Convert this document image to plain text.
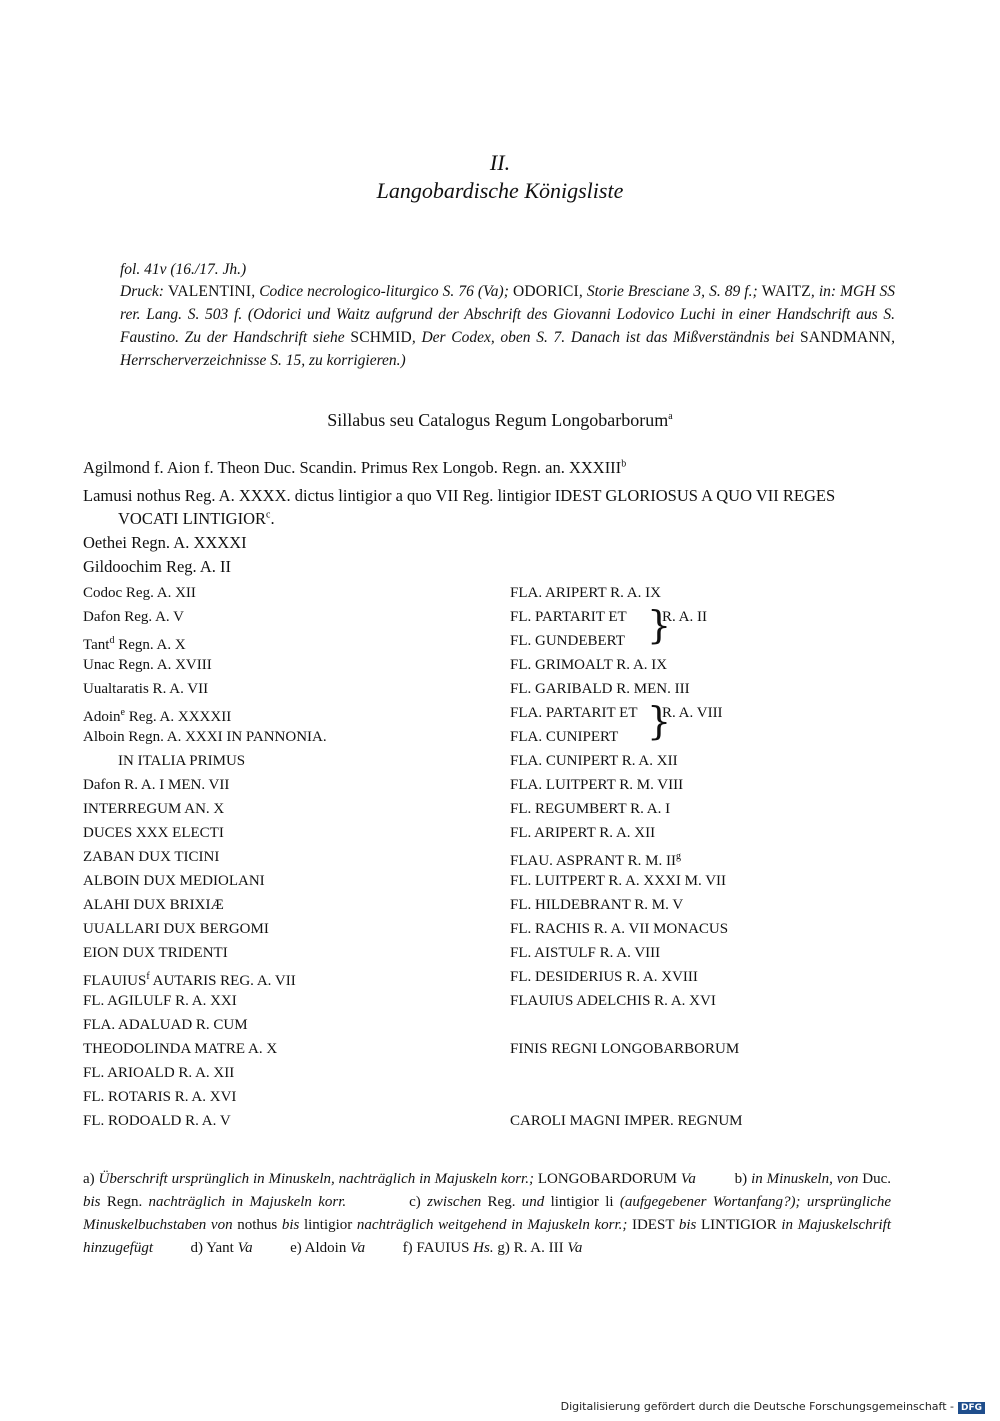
II.
Langobardische Königsliste
fol. 41v (16./17. Jh.)
Druck: VALENTINI, Codice necrologico-liturgico S. 76 (Va); ODORICI, Storie Bresciane 3, S. 89 f.; WAITZ, in: MGH SS rer. Lang. S. 503 f. (Odorici und Waitz aufgrund der Abschrift des Giovanni Lodovico Luchi in einer Handschrift aus S. Faustino. Zu der Handschrift siehe SCHMID, Der Codex, oben S. 7. Danach ist das Mißverständnis bei SANDMANN, Herrscherverzeichnisse S. 15, zu korrigieren.)
Sillabus seu Catalogus Regum Longobarborum$^a$
Agilmond f. Aion f. Theon Duc. Scandin. Primus Rex Longob. Regn. an. XXXIII$^b$
Lamusi nothus Reg. A. XXXX. dictus lintigior a quo VII Reg. lintigior IDEST GLORIOSUS A QUO VII REGES
VOCATI LINTIGIOR$^c$.
Oethei Regn. A. XXXXI
Gildoochim Reg. A. II
Codoc Reg. A. XII
Dafon Reg. A. V
Tant$^d$ Regn. A. X
Unac Regn. A. XVIII
Uualtaratis R. A. VII
Adoin$^e$ Reg. A. XXXXII
Alboin Regn. A. XXXI IN PANNONIA.
IN ITALIA PRIMUS
Dafon R. A. I MEN. VII
INTERREGUM AN. X
DUCES XXX ELECTI
ZABAN DUX TICINI
ALBOIN DUX MEDIOLANI
ALAHI DUX BRIXIÆ
UUALLARI DUX BERGOMI
EION DUX TRIDENTI
FLAUIUS$^f$ AUTARIS REG. A. VII
FL. AGILULF R. A. XXI
FLA. ADALUAD R. CUM
THEODOLINDA MATRE A. X
FL. ARIOALD R. A. XII
FL. ROTARIS R. A. XVI
FL. RODOALD R. A. V
FLA. ARIPERT R. A. IX
FL. PARTARIT ET
FL. GUNDEBERT }
R. A. II
FL. GRIMOALT R. A. IX
FL. GARIBALD R. MEN. III
FLA. PARTARIT ET
FLA. CUNIPERT }
R. A. VIII
FLA. CUNIPERT R. A. XII
FLA. LUITPERT R. M. VIII
FL. REGUMBERT R. A. I
FL. ARIPERT R. A. XII
FLAU. ASPRANT R. M. $II^g$
FL. LUITPERT R. A. XXXI M. VII
FL. HILDEBRANT R. M. V
FL. RACHIS R. A. VII MONACUS
FL. AISTULF R. A. VIII
FL. DESIDERIUS R. A. XVIII
FLAUIUS ADELCHIS R. A. XVI
FINIS REGNI LONGOBARBORUM
CAROLI MAGNI IMPER. REGNUM
a) Überschrift ursprünglich in Minuskeln, nachträglich in Majuskeln korr.; LONGOBARDORUM Va          b) in Minuskeln, von Duc. bis Regn. nachträglich in Majuskeln korr.          c) zwischen Reg. und lintigior li (aufgegebener Wortanfang?); ursprüngliche Minuskelbuchstaben von nothus bis lintigior nachträglich weitgehend in Majuskeln korr.; IDEST bis LINTIGIOR in Majuskelschrift hinzugefügt          d) Yant Va          e) Aldoin Va          f) FAUIUS Hs. g) R. A. III Va
Digitalisierung gefördert durch die Deutsche Forschungsgemeinschaft - DFG
